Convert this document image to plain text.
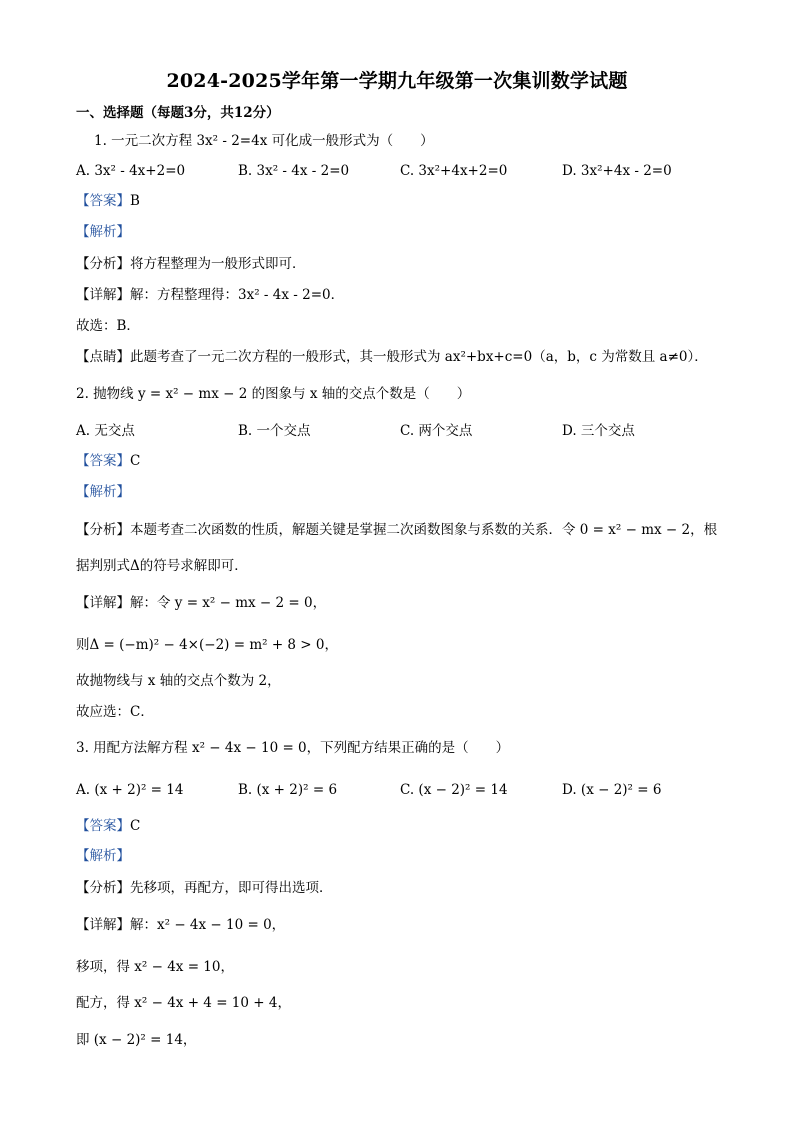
2024-2025学年第一学期九年级第一次集训数学试题
一、选择题（每题3分，共12分）
1. 一元二次方程 3x² - 2=4x 可化成一般形式为（　　）
A. 3x² - 4x+2=0	B. 3x² - 4x - 2=0	C. 3x²+4x+2=0	D. 3x²+4x - 2=0
【答案】B
【解析】
【分析】将方程整理为一般形式即可．
【详解】解：方程整理得：3x² - 4x - 2=0．
故选：B．
【点睛】此题考查了一元二次方程的一般形式，其一般形式为 ax²+bx+c=0（a，b，c 为常数且 a≠0）．
2. 抛物线 y = x² − mx − 2 的图象与 x 轴的交点个数是（　　）
A. 无交点	B. 一个交点	C. 两个交点	D. 三个交点
【答案】C
【解析】
【分析】本题考查二次函数的性质，解题关键是掌握二次函数图象与系数的关系．令 0 = x² − mx − 2，根
据判别式Δ的符号求解即可．
【详解】解：令 y = x² − mx − 2 = 0，
则Δ = (−m)² − 4×(−2) = m² + 8 > 0，
故抛物线与 x 轴的交点个数为 2，
故应选：C．
3. 用配方法解方程 x² − 4x − 10 = 0，下列配方结果正确的是（　　）
A. (x + 2)² = 14	B. (x + 2)² = 6	C. (x − 2)² = 14	D. (x − 2)² = 6
【答案】C
【解析】
【分析】先移项，再配方，即可得出选项．
【详解】解：x² − 4x − 10 = 0，
移项，得 x² − 4x = 10，
配方，得 x² − 4x + 4 = 10 + 4，
即 (x − 2)² = 14，
